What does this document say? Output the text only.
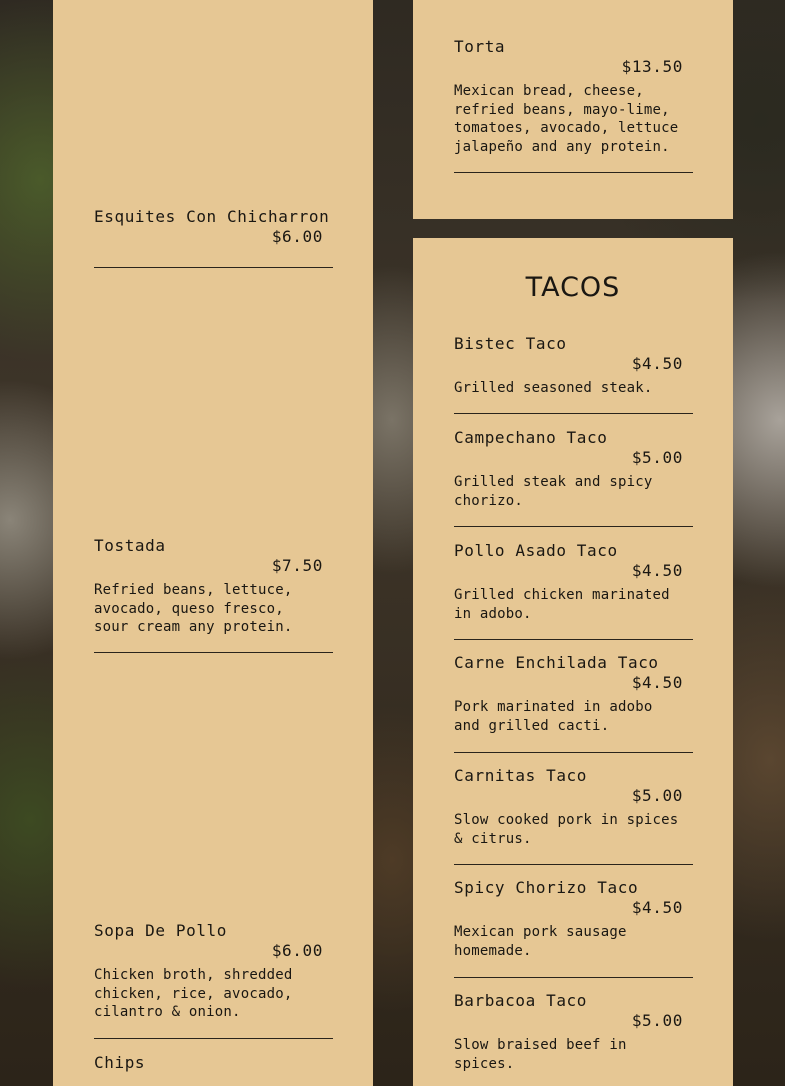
Esquites Con Chicharron
$6.00
Tostada
$7.50
Refried beans, lettuce, avocado, queso fresco, sour cream any protein.
Sopa De Pollo
$6.00
Chicken broth, shredded chicken, rice, avocado, cilantro & onion.
Chips
Torta
$13.50
Mexican bread, cheese, refried beans, mayo-lime, tomatoes, avocado, lettuce jalapeño and any protein.
TACOS
Bistec Taco
$4.50
Grilled seasoned steak.
Campechano Taco
$5.00
Grilled steak and spicy chorizo.
Pollo Asado Taco
$4.50
Grilled chicken marinated in adobo.
Carne Enchilada Taco
$4.50
Pork marinated in adobo and grilled cacti.
Carnitas Taco
$5.00
Slow cooked pork in spices & citrus.
Spicy Chorizo Taco
$4.50
Mexican pork sausage homemade.
Barbacoa Taco
$5.00
Slow braised beef in spices.
